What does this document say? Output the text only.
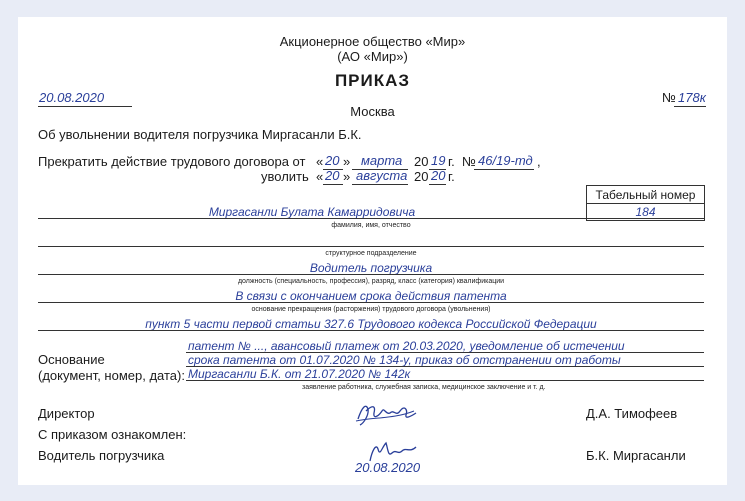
Акционерное общество «Мир»
(АО «Мир»)
ПРИКАЗ
20.08.2020	№ 178к
Москва
Об увольнении водителя погрузчика Миргасанли Б.К.
Прекратить действие трудового договора от « 20 » марта 20 19 г. № 46/19-тд ,
уволить « 20 » августа 20 20 г.
Табельный номер
184
Миргасанли Булата Камарридовича
фамилия, имя, отчество
структурное подразделение
Водитель погрузчика
должность (специальность, профессия), разряд, класс (категория) квалификации
В связи с окончанием срока действия патента
основание прекращения (расторжения) трудового договора (увольнения)
пункт 5 части первой статьи 327.6 Трудового кодекса Российской Федерации
патент № ..., авансовый платеж от 20.03.2020, уведомление об истечении
срока патента от 01.07.2020 № 134-у, приказ об отстранении от работы
Основание
(документ, номер, дата): Миргасанли Б.К. от 21.07.2020 № 142к
заявление работника, служебная записка, медицинское заключение и т. д.
Директор	Д.А. Тимофеев
С приказом ознакомлен:
Водитель погрузчика
20.08.2020
Б.К. Миргасанли
